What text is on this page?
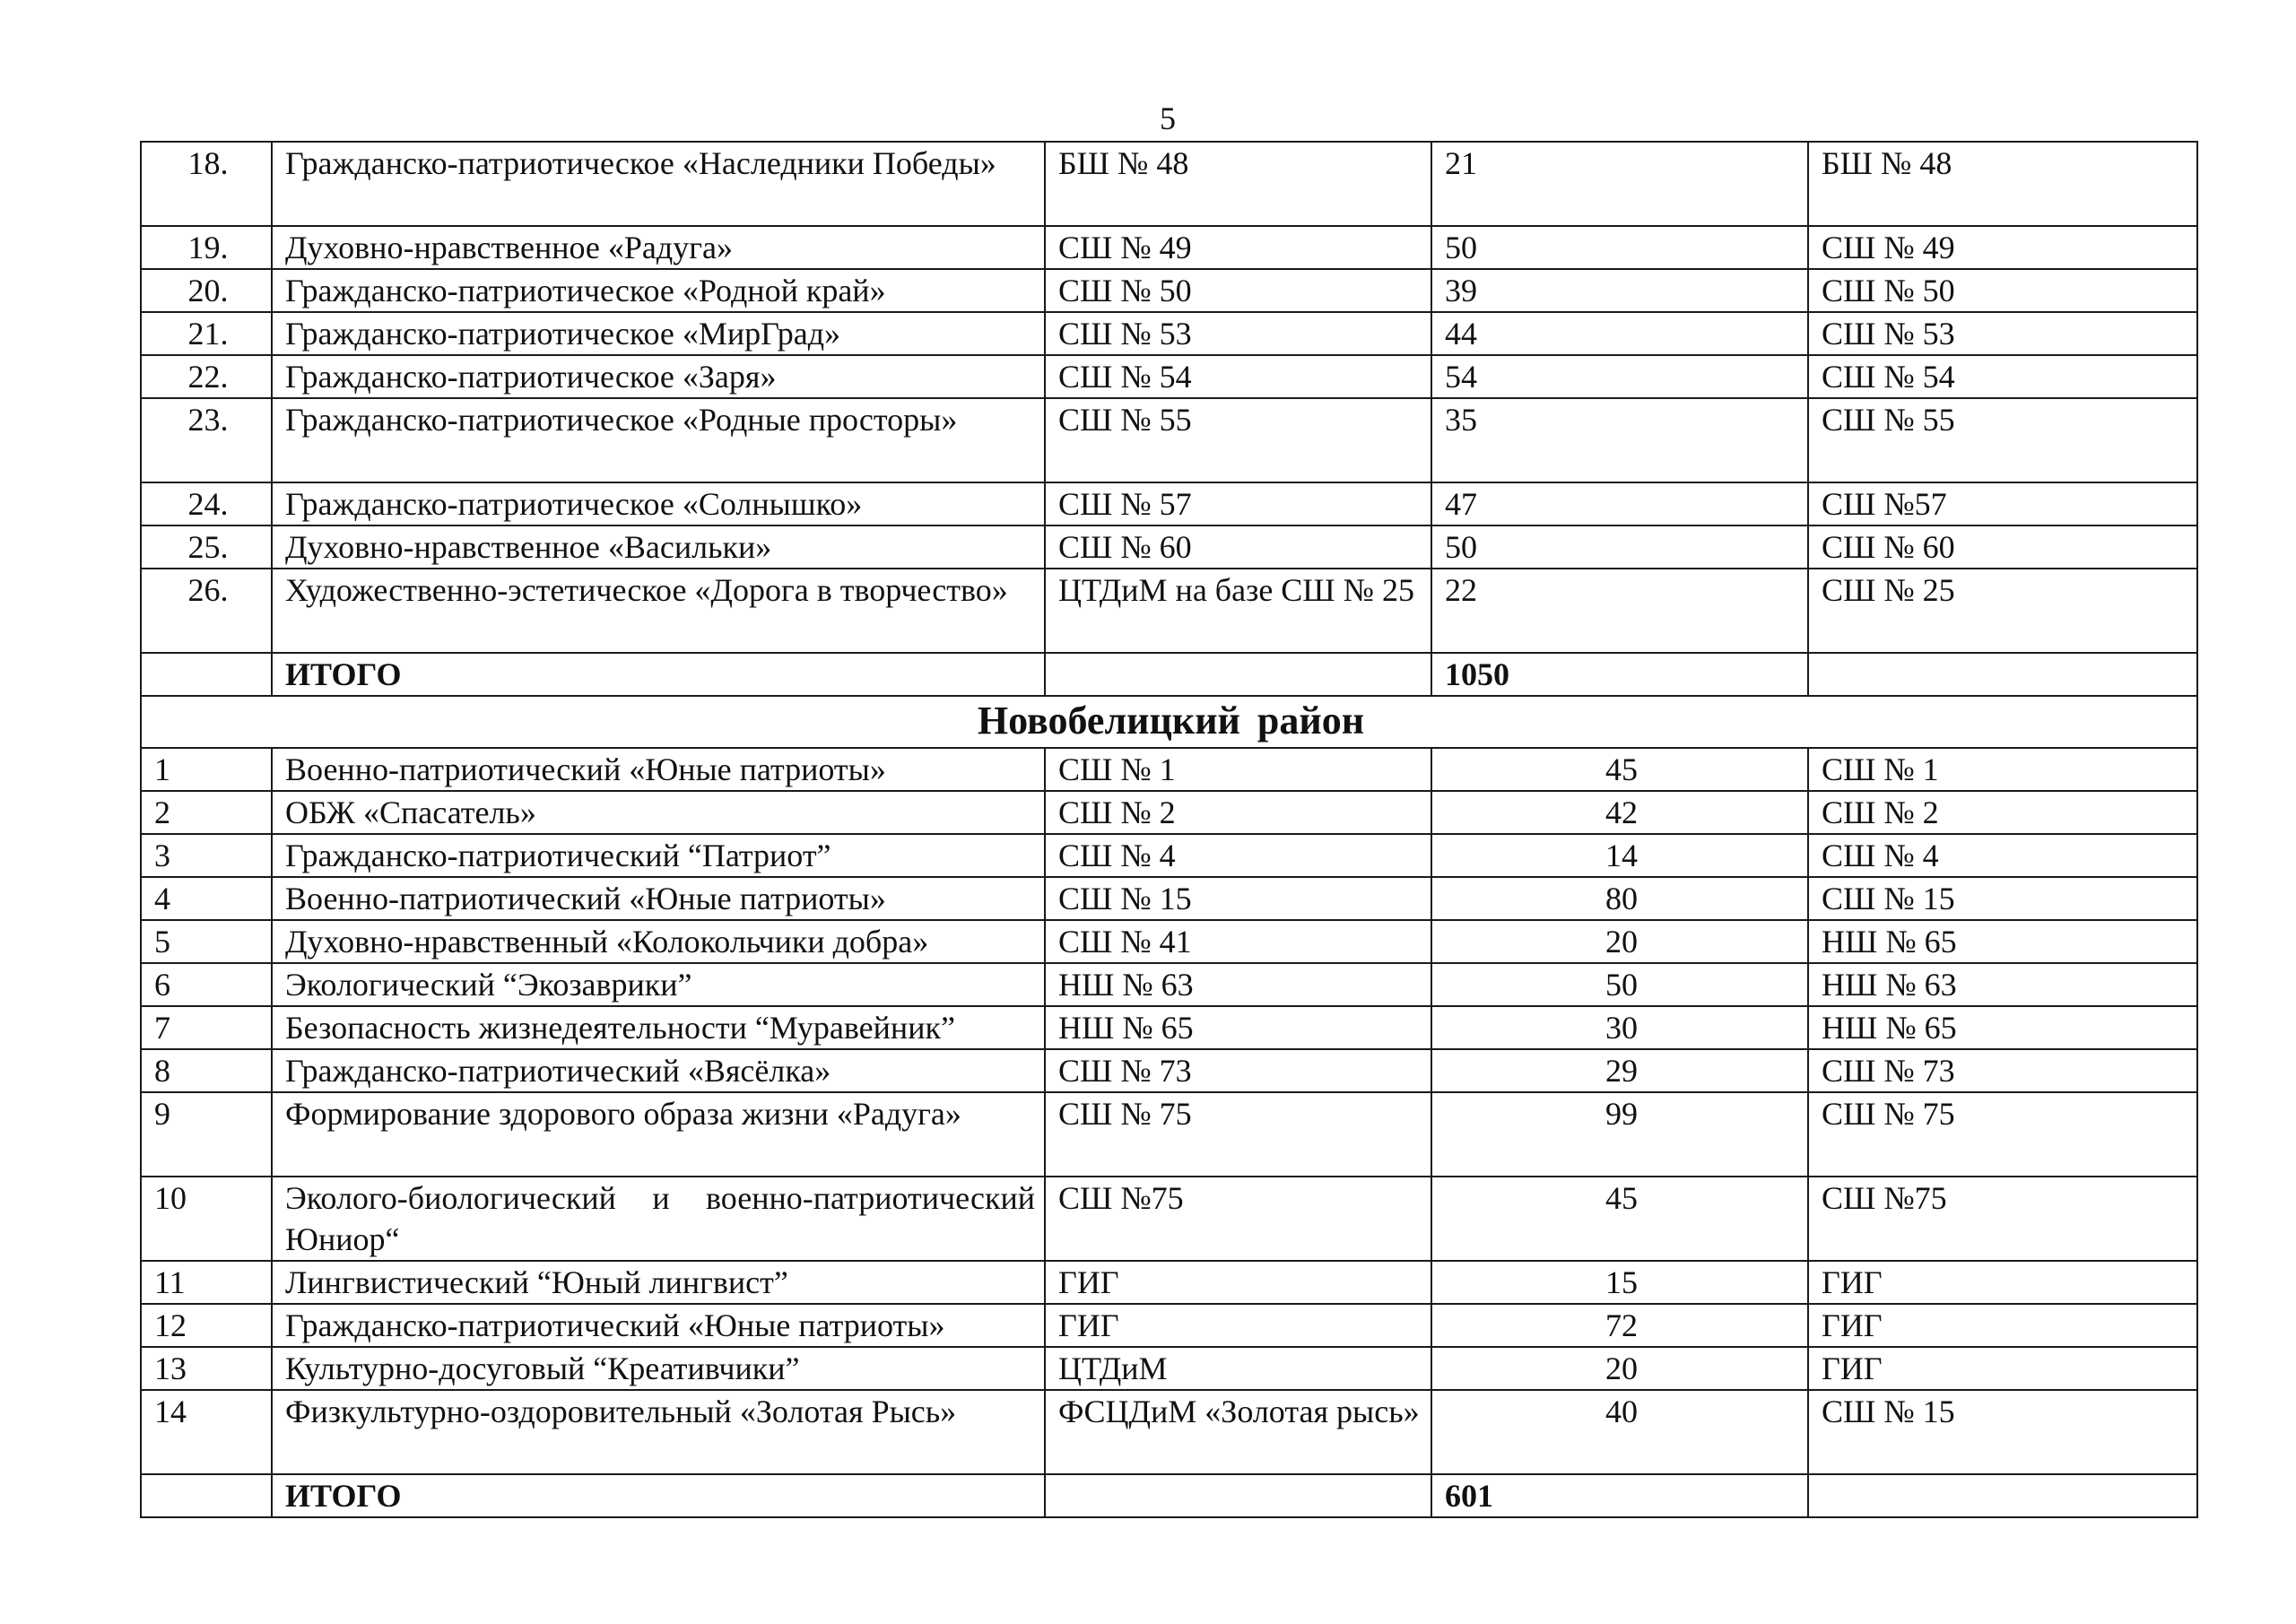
5
18.	Гражданско-патриотическое «Наследники Победы»	БШ № 48	21	БШ № 48
19.	Духовно-нравственное «Радуга»	СШ № 49	50	СШ № 49
20.	Гражданско-патриотическое «Родной край»	СШ № 50	39	СШ № 50
21.	Гражданско-патриотическое «МирГрад»	СШ № 53	44	СШ № 53
22.	Гражданско-патриотическое «Заря»	СШ № 54	54	СШ № 54
23.	Гражданско-патриотическое «Родные просторы»	СШ № 55	35	СШ № 55
24.	Гражданско-патриотическое «Солнышко»	СШ № 57	47	СШ №57
25.	Духовно-нравственное «Васильки»	СШ № 60	50	СШ № 60
26.	Художественно-эстетическое «Дорога в творчество»	ЦТДиМ на базе СШ № 25	22	СШ № 25
	ИТОГО		1050	
Новобелицкий район				
1	Военно-патриотический «Юные патриоты»	СШ № 1	45	СШ № 1
2	ОБЖ «Спасатель»	СШ № 2	42	СШ № 2
3	Гражданско-патриотический “Патриот”	СШ № 4	14	СШ № 4
4	Военно-патриотический «Юные патриоты»	СШ № 15	80	СШ № 15
5	Духовно-нравственный «Колокольчики добра»	СШ № 41	20	НШ № 65
6	Экологический “Экозаврики”	НШ № 63	50	НШ № 63
7	Безопасность жизнедеятельности “Муравейник”	НШ № 65	30	НШ № 65
8	Гражданско-патриотический «Вясёлка»	СШ № 73	29	СШ № 73
9	Формирование здорового образа жизни «Радуга»	СШ № 75	99	СШ № 75
10	Эколого-биологический и военно-патриотический Юниор“	СШ №75	45	СШ №75
11	Лингвистический “Юный лингвист”	ГИГ	15	ГИГ
12	Гражданско-патриотический «Юные патриоты»	ГИГ	72	ГИГ
13	Культурно-досуговый “Креативчики”	ЦТДиМ	20	ГИГ
14	Физкультурно-оздоровительный «Золотая Рысь»	ФСЦДиМ «Золотая рысь»	40	СШ № 15
	ИТОГО		601	
